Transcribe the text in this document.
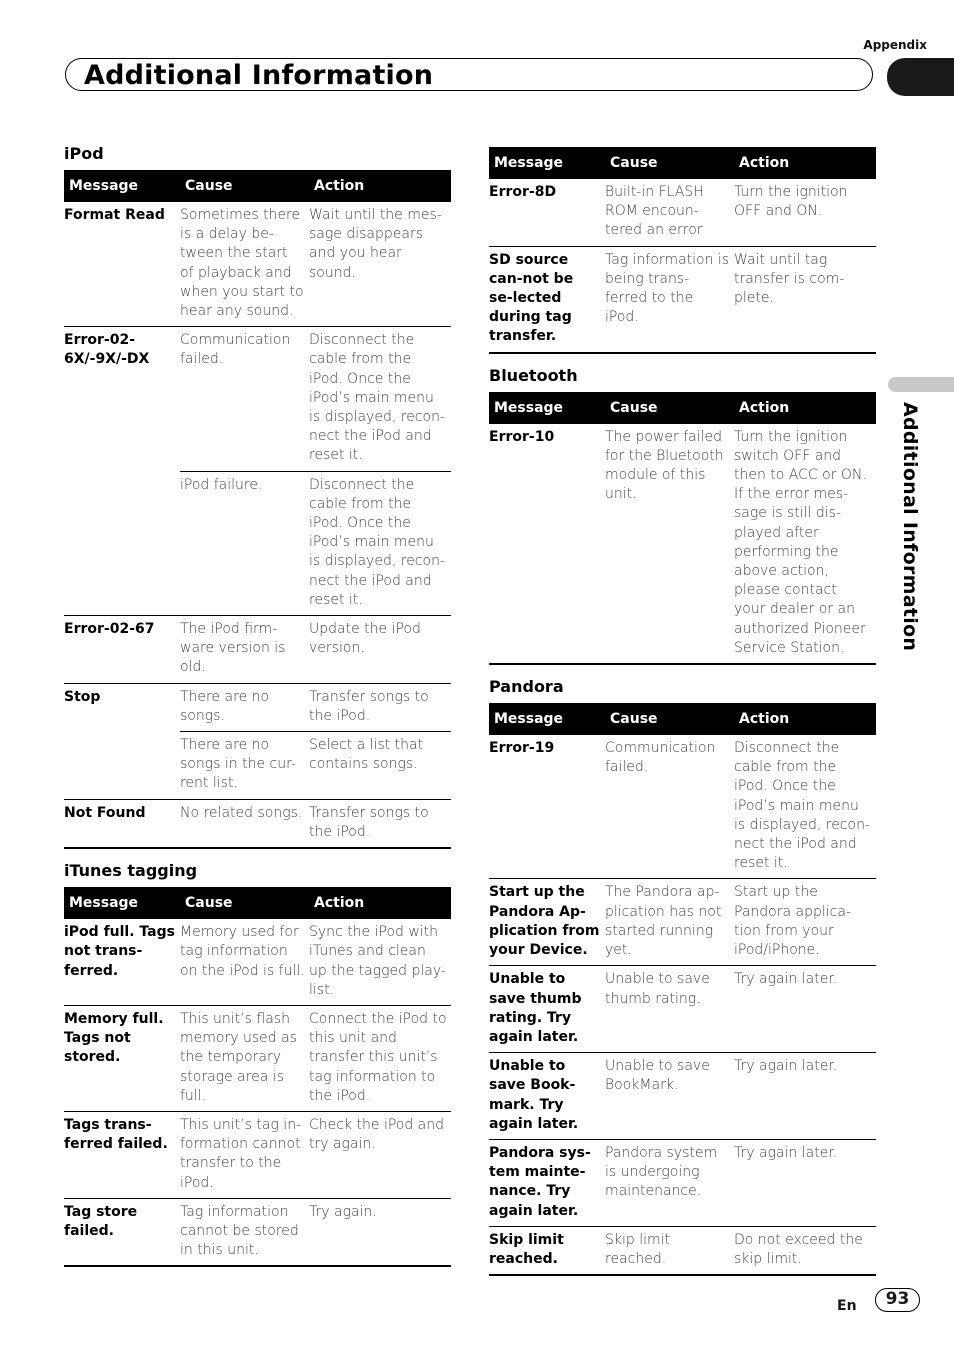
Appendix
Additional Information
Additional Information
iPod
Message	Cause	Action
Format Read	Sometimes there is a delay be-tween the start of playback and when you start to hear any sound.	Wait until the mes-sage disappears and you hear sound.
Error-02-6X/-9X/-DX	Communication failed.	Disconnect the cable from the iPod. Once the iPod’s main menu is displayed, recon-nect the iPod and reset it.
	iPod failure.	Disconnect the cable from the iPod. Once the iPod’s main menu is displayed, recon-nect the iPod and reset it.
Error-02-67	The iPod firm-ware version is old.	Update the iPod version.
Stop	There are no songs.	Transfer songs to the iPod.
	There are no songs in the cur-rent list.	Select a list that contains songs.
Not Found	No related songs.	Transfer songs to the iPod.
iTunes tagging
Message	Cause	Action
iPod full. Tags not trans-ferred.	Memory used for tag information on the iPod is full.	Sync the iPod with iTunes and clean up the tagged play-list.
Memory full. Tags not stored.	This unit’s flash memory used as the temporary storage area is full.	Connect the iPod to this unit and transfer this unit’s tag information to the iPod.
Tags trans-ferred failed.	This unit’s tag in-formation cannot transfer to the iPod.	Check the iPod and try again.
Tag store failed.	Tag information cannot be stored in this unit.	Try again.
Message	Cause	Action
Error-8D	Built-in FLASH ROM encoun-tered an error	Turn the ignition OFF and ON.
SD source can-not be se-lected during tag transfer.	Tag information is being trans-ferred to the iPod.	Wait until tag transfer is com-plete.
Bluetooth
Message	Cause	Action
Error-10	The power failed for the Bluetooth module of this unit.	Turn the ignition switch OFF and then to ACC or ON. If the error mes-sage is still dis-played after performing the above action, please contact your dealer or an authorized Pioneer Service Station.
Pandora
Message	Cause	Action
Error-19	Communication failed.	Disconnect the cable from the iPod. Once the iPod’s main menu is displayed, recon-nect the iPod and reset it.
Start up the Pandora Ap-plication from your Device.	The Pandora ap-plication has not started running yet.	Start up the Pandora applica-tion from your iPod/iPhone.
Unable to save thumb rating. Try again later.	Unable to save thumb rating.	Try again later.
Unable to save Book-mark. Try again later.	Unable to save BookMark.	Try again later.
Pandora sys-tem mainte-nance. Try again later.	Pandora system is undergoing maintenance.	Try again later.
Skip limit reached.	Skip limit reached.	Do not exceed the skip limit.
En	93
